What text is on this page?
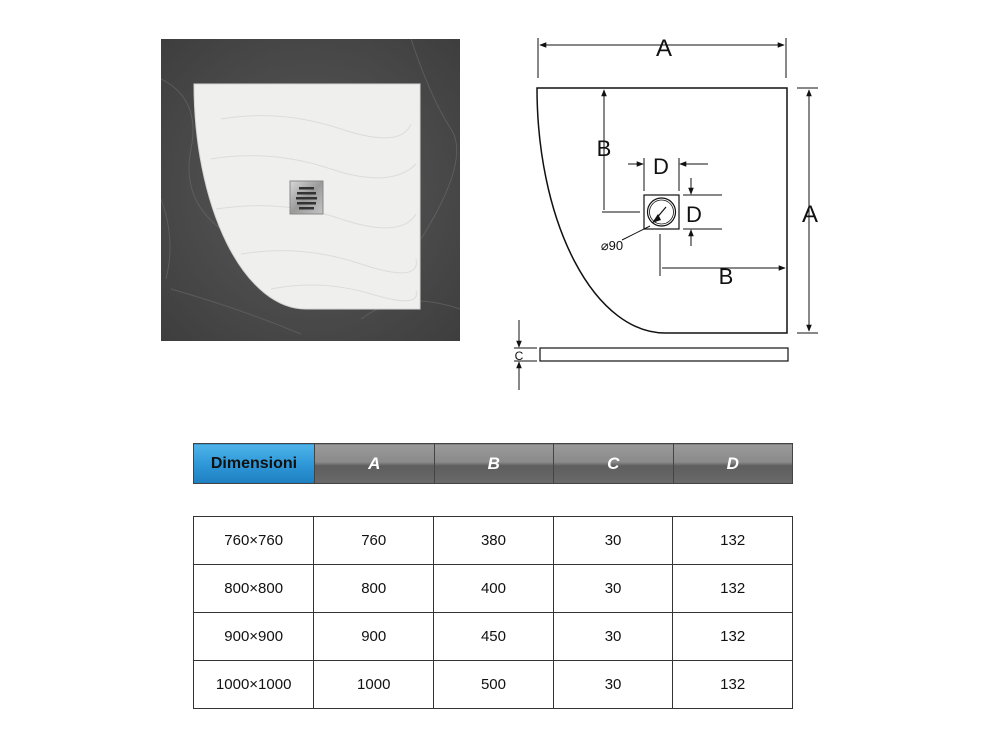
A
A
B
D
D
⌀90
B
C
Dimensioni	A	B	C	D
760×760	760	380	30	132
800×800	800	400	30	132
900×900	900	450	30	132
1000×1000	1000	500	30	132
